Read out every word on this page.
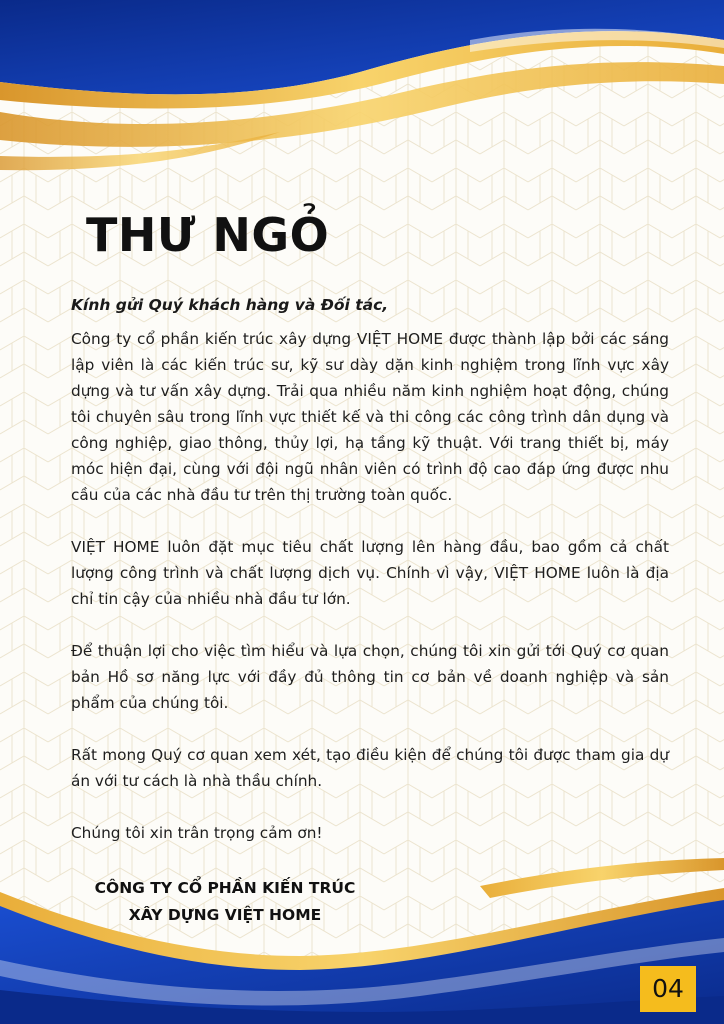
THƯ NGỎ

Kính gửi Quý khách hàng và Đối tác,

Công ty cổ phần kiến trúc xây dựng VIỆT HOME được thành lập bởi các sáng lập viên là các kiến trúc sư, kỹ sư dày dặn kinh nghiệm trong lĩnh vực xây dựng và tư vấn xây dựng. Trải qua nhiều năm kinh nghiệm hoạt động, chúng tôi chuyên sâu trong lĩnh vực thiết kế và thi công các công trình dân dụng và công nghiệp, giao thông, thủy lợi, hạ tầng kỹ thuật. Với trang thiết bị, máy móc hiện đại, cùng với đội ngũ nhân viên có trình độ cao đáp ứng được nhu cầu của các nhà đầu tư trên thị trường toàn quốc.

VIỆT HOME luôn đặt mục tiêu chất lượng lên hàng đầu, bao gồm cả chất lượng công trình và chất lượng dịch vụ. Chính vì vậy, VIỆT HOME luôn là địa chỉ tin cậy của nhiều nhà đầu tư lớn.

Để thuận lợi cho việc tìm hiểu và lựa chọn, chúng tôi xin gửi tới Quý cơ quan bản Hồ sơ năng lực với đầy đủ thông tin cơ bản về doanh nghiệp và sản phẩm của chúng tôi.

Rất mong Quý cơ quan xem xét, tạo điều kiện để chúng tôi được tham gia dự án với tư cách là nhà thầu chính.

Chúng tôi xin trân trọng cảm ơn!

CÔNG TY CỔ PHẦN KIẾN TRÚC
XÂY DỰNG VIỆT HOME
04
